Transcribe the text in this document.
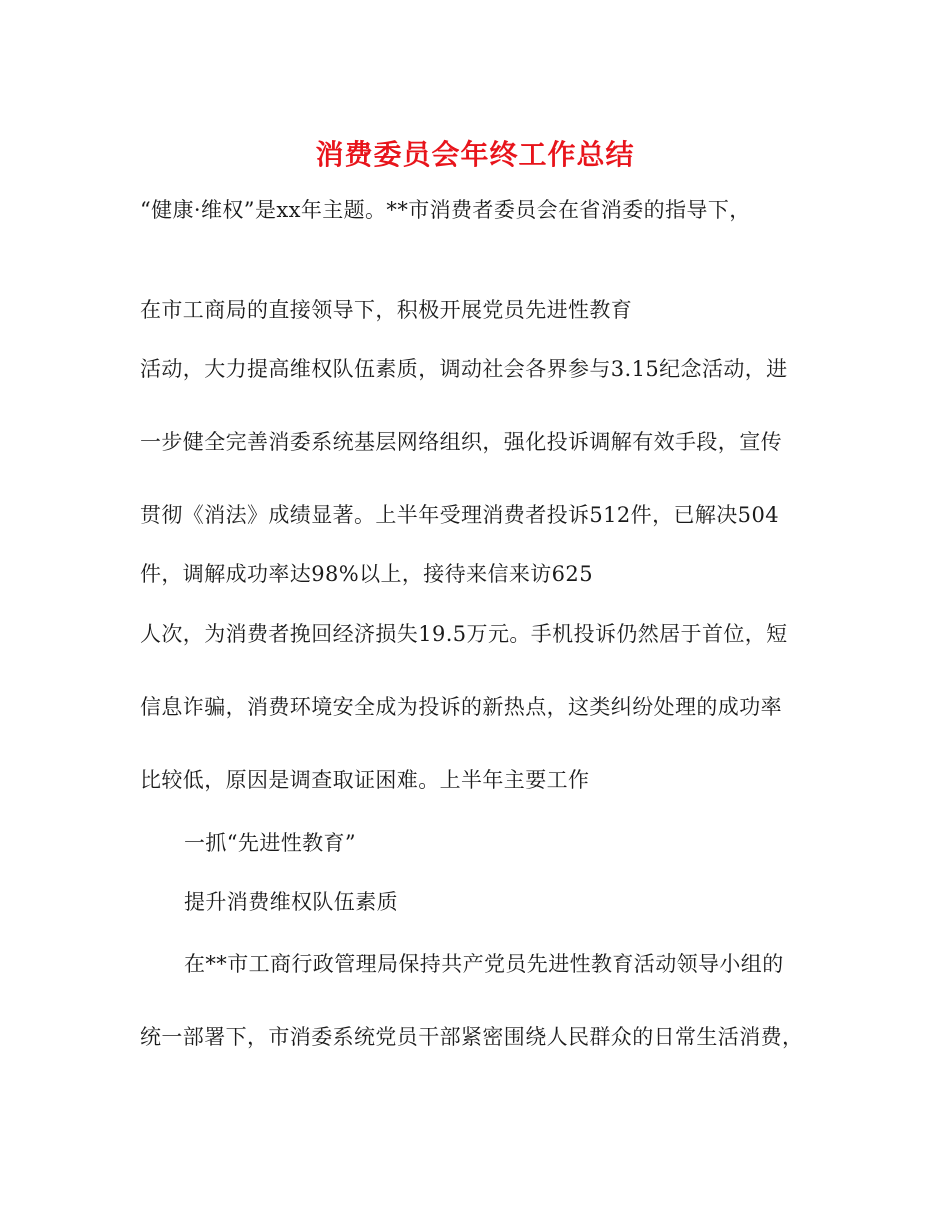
消费委员会年终工作总结
“健康·维权”是xx年主题。**市消费者委员会在省消委的指导下，
在市工商局的直接领导下，积极开展党员先进性教育
活动，大力提高维权队伍素质，调动社会各界参与3.15纪念活动，进
一步健全完善消委系统基层网络组织，强化投诉调解有效手段，宣传
贯彻《消法》成绩显著。上半年受理消费者投诉512件，已解决504
件，调解成功率达98%以上，接待来信来访625
人次，为消费者挽回经济损失19.5万元。手机投诉仍然居于首位，短
信息诈骗，消费环境安全成为投诉的新热点，这类纠纷处理的成功率
比较低，原因是调查取证困难。上半年主要工作
一抓“先进性教育”
提升消费维权队伍素质
在**市工商行政管理局保持共产党员先进性教育活动领导小组的
统一部署下，市消委系统党员干部紧密围绕人民群众的日常生活消费，
